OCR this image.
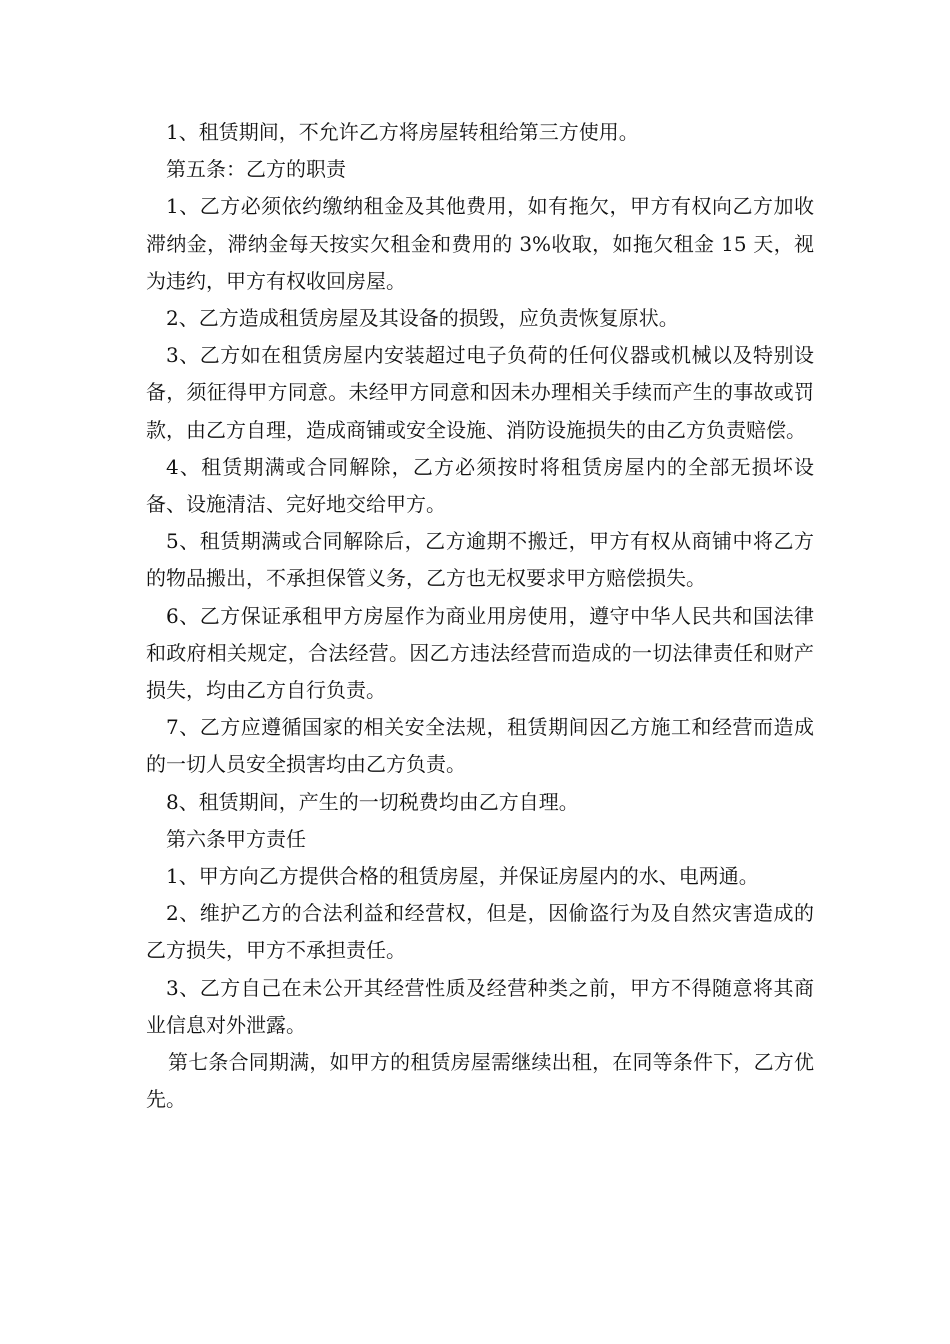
1、租赁期间，不允许乙方将房屋转租给第三方使用。

第五条：乙方的职责

1、乙方必须依约缴纳租金及其他费用，如有拖欠，甲方有权向乙方加收滞纳金，滞纳金每天按实欠租金和费用的 3%收取，如拖欠租金 15 天，视为违约，甲方有权收回房屋。

2、乙方造成租赁房屋及其设备的损毁，应负责恢复原状。

3、乙方如在租赁房屋内安装超过电子负荷的任何仪器或机械以及特别设备，须征得甲方同意。未经甲方同意和因未办理相关手续而产生的事故或罚款，由乙方自理，造成商铺或安全设施、消防设施损失的由乙方负责赔偿。

4、租赁期满或合同解除，乙方必须按时将租赁房屋内的全部无损坏设备、设施清洁、完好地交给甲方。

5、租赁期满或合同解除后，乙方逾期不搬迁，甲方有权从商铺中将乙方的物品搬出，不承担保管义务，乙方也无权要求甲方赔偿损失。

6、乙方保证承租甲方房屋作为商业用房使用，遵守中华人民共和国法律和政府相关规定，合法经营。因乙方违法经营而造成的一切法律责任和财产损失，均由乙方自行负责。

7、乙方应遵循国家的相关安全法规，租赁期间因乙方施工和经营而造成的一切人员安全损害均由乙方负责。

8、租赁期间，产生的一切税费均由乙方自理。

第六条甲方责任

1、甲方向乙方提供合格的租赁房屋，并保证房屋内的水、电两通。

2、维护乙方的合法利益和经营权，但是，因偷盗行为及自然灾害造成的乙方损失，甲方不承担责任。

3、乙方自己在未公开其经营性质及经营种类之前，甲方不得随意将其商业信息对外泄露。

第七条合同期满，如甲方的租赁房屋需继续出租，在同等条件下，乙方优先。
